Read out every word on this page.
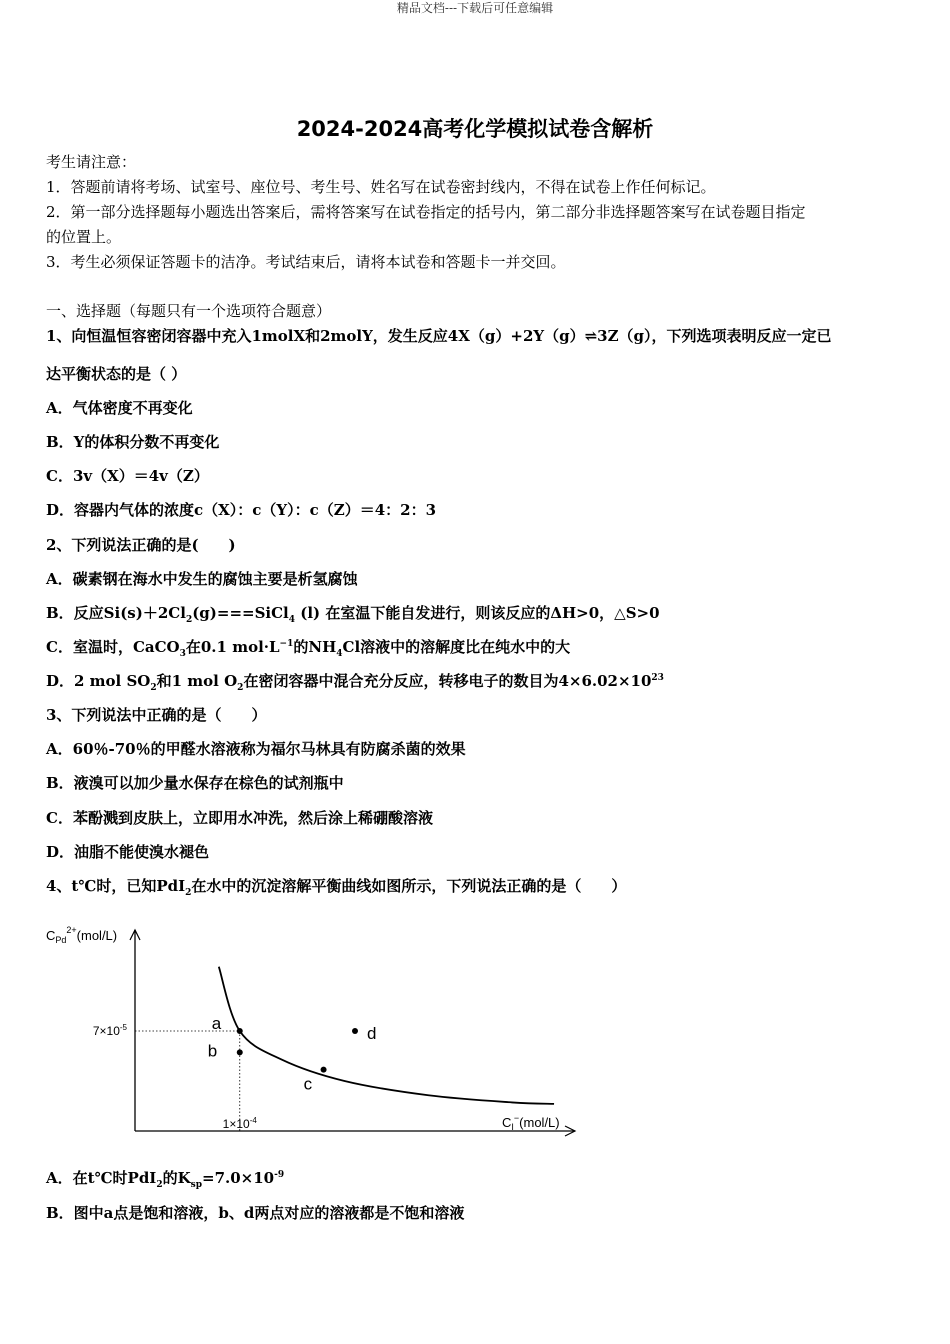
精品文档---下载后可任意编辑
2024-2024高考化学模拟试卷含解析
考生请注意：
1．答题前请将考场、试室号、座位号、考生号、姓名写在试卷密封线内，不得在试卷上作任何标记。
2．第一部分选择题每小题选出答案后，需将答案写在试卷指定的括号内，第二部分非选择题答案写在试卷题目指定
的位置上。
3．考生必须保证答题卡的洁净。考试结束后，请将本试卷和答题卡一并交回。
一、选择题（每题只有一个选项符合题意）
1、向恒温恒容密闭容器中充入1molX和2molY，发生反应4X（g）+2Y（g）⇌3Z（g），下列选项表明反应一定已
达平衡状态的是（ ）
A．气体密度不再变化
B．Y的体积分数不再变化
C．3v（X）＝4v（Z）
D．容器内气体的浓度c（X）：c（Y）：c（Z）＝4：2：3
2、下列说法正确的是(　　)
A．碳素钢在海水中发生的腐蚀主要是析氢腐蚀
B．反应$Si(s)+2Cl_2(g)===SiCl_4$ (l) 在室温下能自发进行，则该反应的ΔH>0，△S>0
C．室温时，CaCO$_3$在0.1 $mol\cdot L^{-1}$的$NH_4Cl$溶液中的溶解度比在纯水中的大
D．2 mol $SO_2$和1 mol $O_2$在密闭容器中混合充分反应，转移电子的数目为$4\times 6.02\times 10^{23}$
3、下列说法中正确的是（　　）
A．60％-70％的甲醛水溶液称为福尔马林具有防腐杀菌的效果
B．液溴可以加少量水保存在棕色的试剂瓶中
C．苯酚溅到皮肤上，立即用水冲洗，然后涂上稀硼酸溶液
D．油脂不能使溴水褪色
4、t℃时，已知PdI$_2$在水中的沉淀溶解平衡曲线如图所示，下列说法正确的是（　　）
$C_{Pd}^{2+}(mol/L)$
$C_I^-(mol/L)$
$7\times 10^{-5}$
$1\times 10^{-4}$
a
b
c
d
A．在t℃时PdI$_2$的$K_{sp}=7.0\times 10^{-9}$
B．图中a点是饱和溶液，b、d两点对应的溶液都是不饱和溶液
